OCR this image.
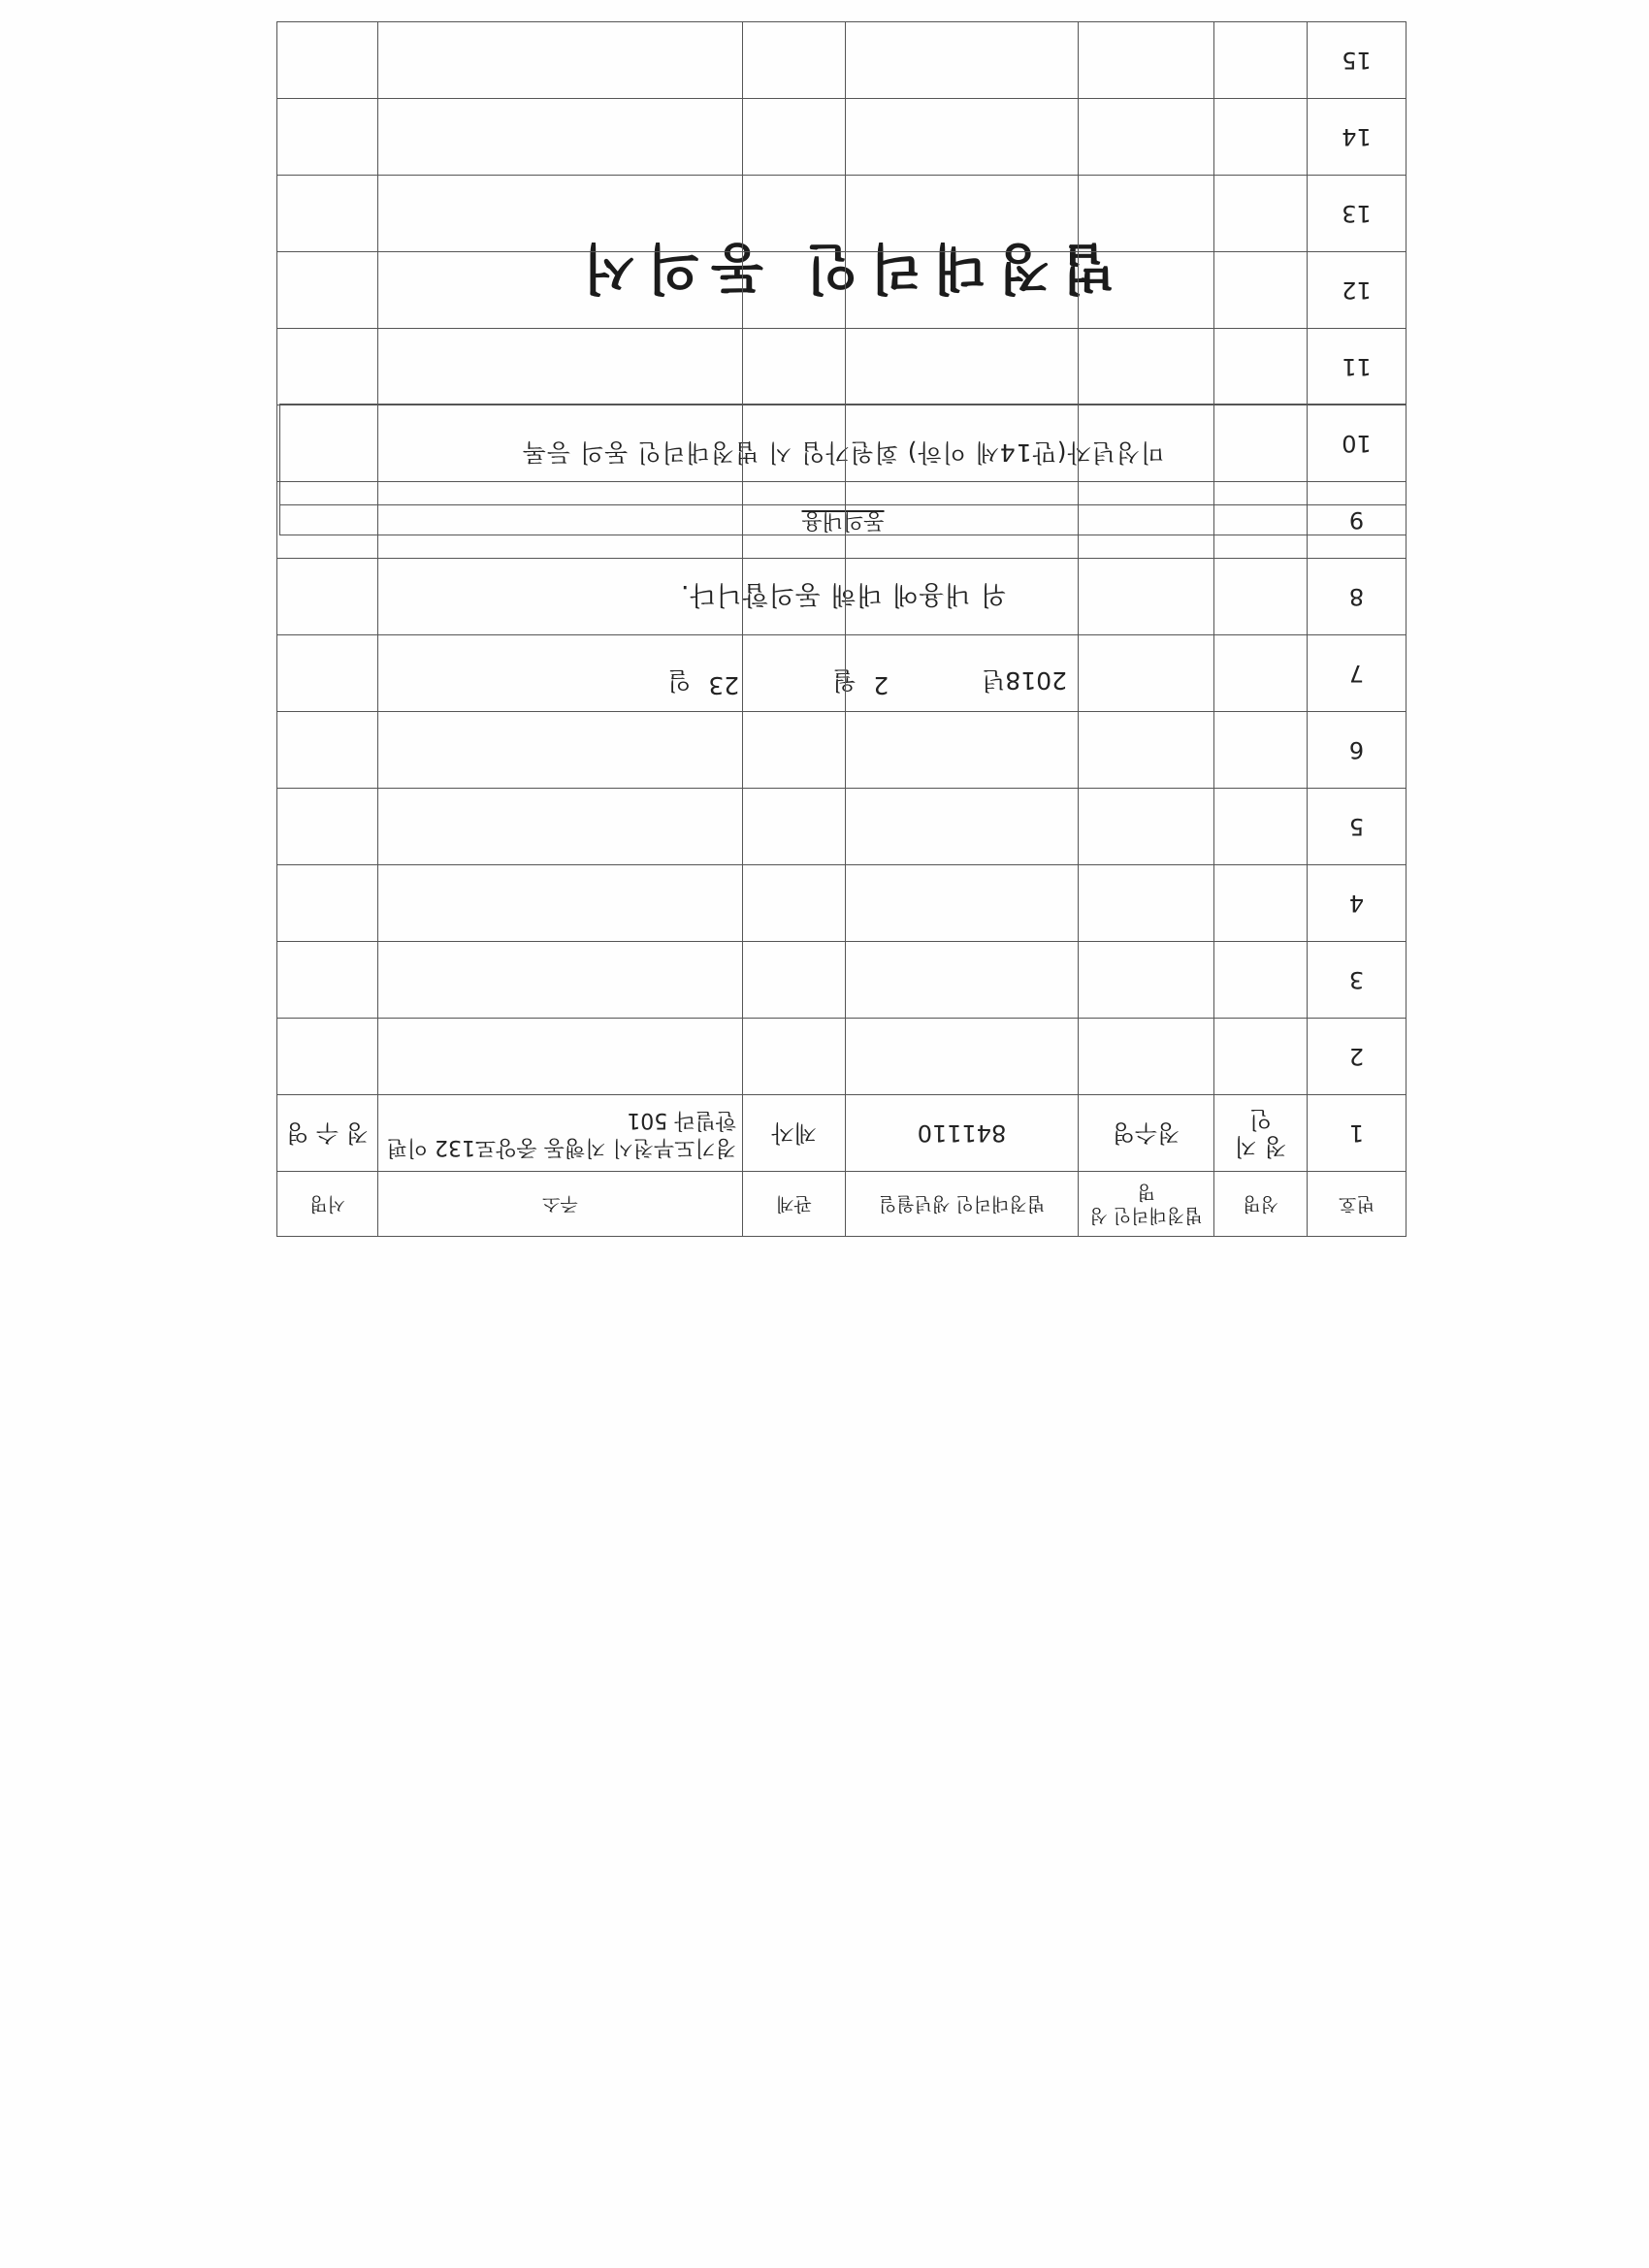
법정대리인 동의서
동의내용
미성년자(만14세 이하) 회원가입 시 법정대리인 동의 등록
위 내용에 대해 동의합니다.
2018년
2
월
23
일
번호	성명	법정대리인 성명	법정대리인 생년월일	관계	주소	서명
1	정 지 인	정수영	841110	제자	경기도부천시 지행동 중앙로132 이편한빌라 501	정 수 영
2						
3						
4						
5						
6						
7						
8						
9						
10						
11						
12						
13						
14						
15						
